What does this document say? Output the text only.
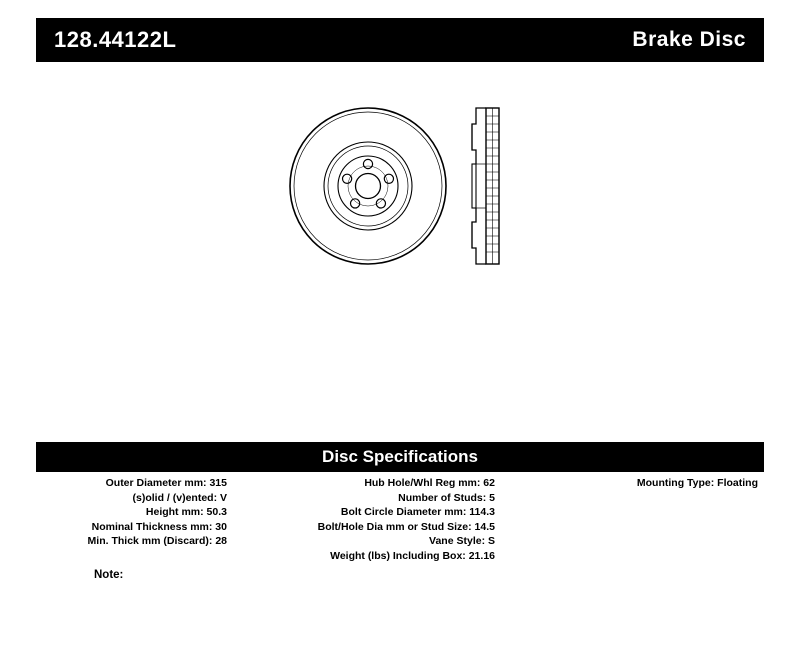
128.44122L	Brake Disc
Disc Specifications
Outer Diameter mm: 315
(s)olid / (v)ented: V
Height mm: 50.3
Nominal Thickness mm: 30
Min. Thick mm (Discard): 28
Hub Hole/Whl Reg mm: 62
Number of Studs: 5
Bolt Circle Diameter mm: 114.3
Bolt/Hole Dia mm or Stud Size: 14.5
Vane Style: S
Weight (lbs) Including Box: 21.16
Mounting Type: Floating
Note:
